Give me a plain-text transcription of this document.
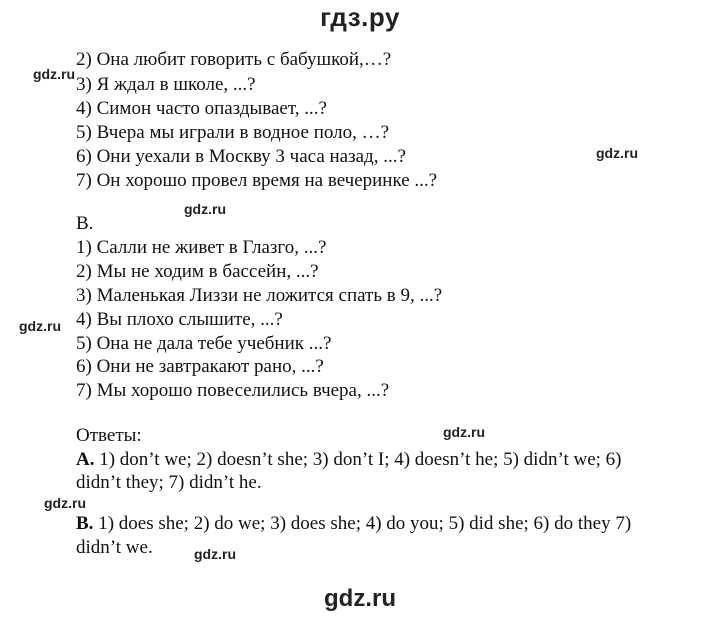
гдз.ру
2) Она любит говорить с бабушкой,…?
3) Я ждал в школе, ...?
4) Симон часто опаздывает, ...?
5) Вчера мы играли в водное поло, …?
6) Они уехали в Москву 3 часа назад, ...?
7) Он хорошо провел время на вечеринке ...?
B.
1) Салли не живет в Глазго, ...?
2) Мы не ходим в бассейн, ...?
3) Маленькая Лиззи не ложится спать в 9, ...?
4) Вы плохо слышите, ...?
5) Она не дала тебе учебник ...?
6) Они не завтракают рано, ...?
7) Мы хорошо повеселились вчера, ...?
Ответы:
A. 1) don’t we; 2) doesn’t she; 3) don’t I; 4) doesn’t he; 5) didn’t we; 6)
didn’t they; 7) didn’t he.
B. 1) does she; 2) do we; 3) does she; 4) do you; 5) did she; 6) do they 7)
didn’t we.
gdz.ru
gdz.ru
gdz.ru
gdz.ru
gdz.ru
gdz.ru
gdz.ru
gdz.ru
